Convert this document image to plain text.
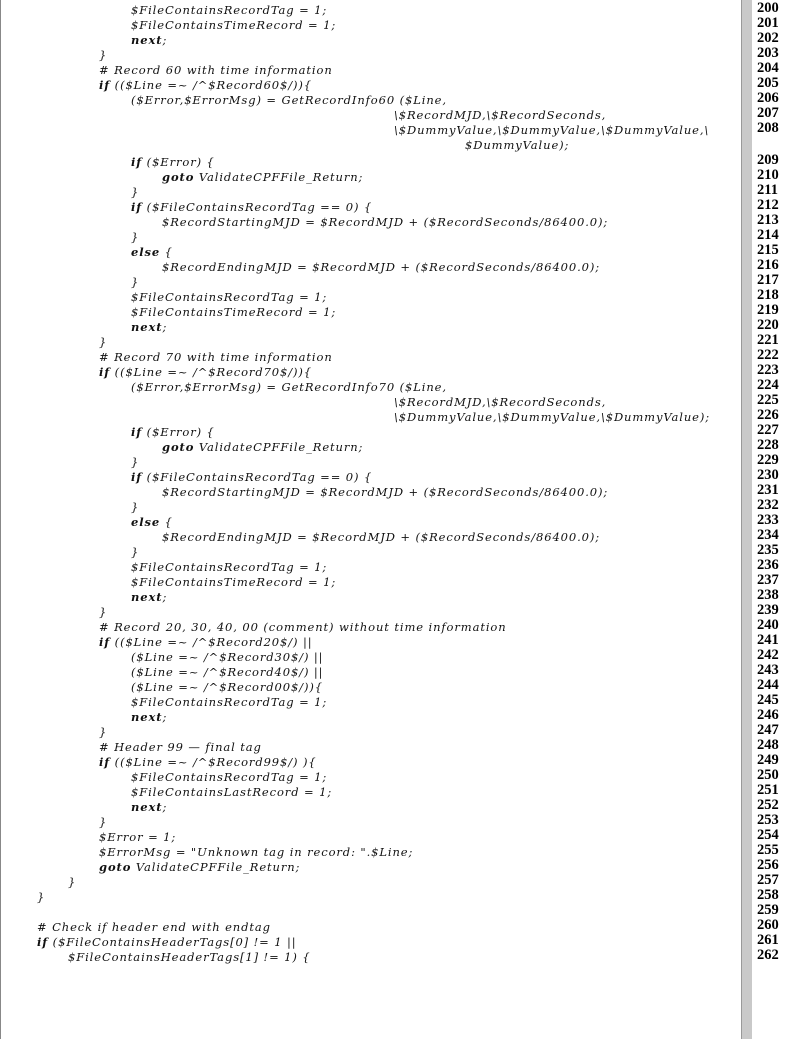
$FileContainsRecordTag = 1;
$FileContainsTimeRecord = 1;
next;
}
# Record 60 with time information
if (($Line =~ /^$Record60$/)){
($Error,$ErrorMsg) = GetRecordInfo60 ($Line,
\$RecordMJD,\$RecordSeconds,
\$DummyValue,\$DummyValue,\$DummyValue,\
$DummyValue);
if ($Error) {
goto ValidateCPFFile_Return;
}
if ($FileContainsRecordTag == 0) {
$RecordStartingMJD = $RecordMJD + ($RecordSeconds/86400.0);
}
else {
$RecordEndingMJD = $RecordMJD + ($RecordSeconds/86400.0);
}
$FileContainsRecordTag = 1;
$FileContainsTimeRecord = 1;
next;
}
# Record 70 with time information
if (($Line =~ /^$Record70$/)){
($Error,$ErrorMsg) = GetRecordInfo70 ($Line,
\$RecordMJD,\$RecordSeconds,
\$DummyValue,\$DummyValue,\$DummyValue);
if ($Error) {
goto ValidateCPFFile_Return;
}
if ($FileContainsRecordTag == 0) {
$RecordStartingMJD = $RecordMJD + ($RecordSeconds/86400.0);
}
else {
$RecordEndingMJD = $RecordMJD + ($RecordSeconds/86400.0);
}
$FileContainsRecordTag = 1;
$FileContainsTimeRecord = 1;
next;
}
# Record 20, 30, 40, 00 (comment) without time information
if (($Line =~ /^$Record20$/) ||
($Line =~ /^$Record30$/) ||
($Line =~ /^$Record40$/) ||
($Line =~ /^$Record00$/)){
$FileContainsRecordTag = 1;
next;
}
# Header 99 — final tag
if (($Line =~ /^$Record99$/) ){
$FileContainsRecordTag = 1;
$FileContainsLastRecord = 1;
next;
}
$Error = 1;
$ErrorMsg = "Unknown tag in record: ".$Line;
goto ValidateCPFFile_Return;
}
}
# Check if header end with endtag
if ($FileContainsHeaderTags[0] != 1 ||
$FileContainsHeaderTags[1] != 1) {
200
201
202
203
204
205
206
207
208
209
210
211
212
213
214
215
216
217
218
219
220
221
222
223
224
225
226
227
228
229
230
231
232
233
234
235
236
237
238
239
240
241
242
243
244
245
246
247
248
249
250
251
252
253
254
255
256
257
258
259
260
261
262
